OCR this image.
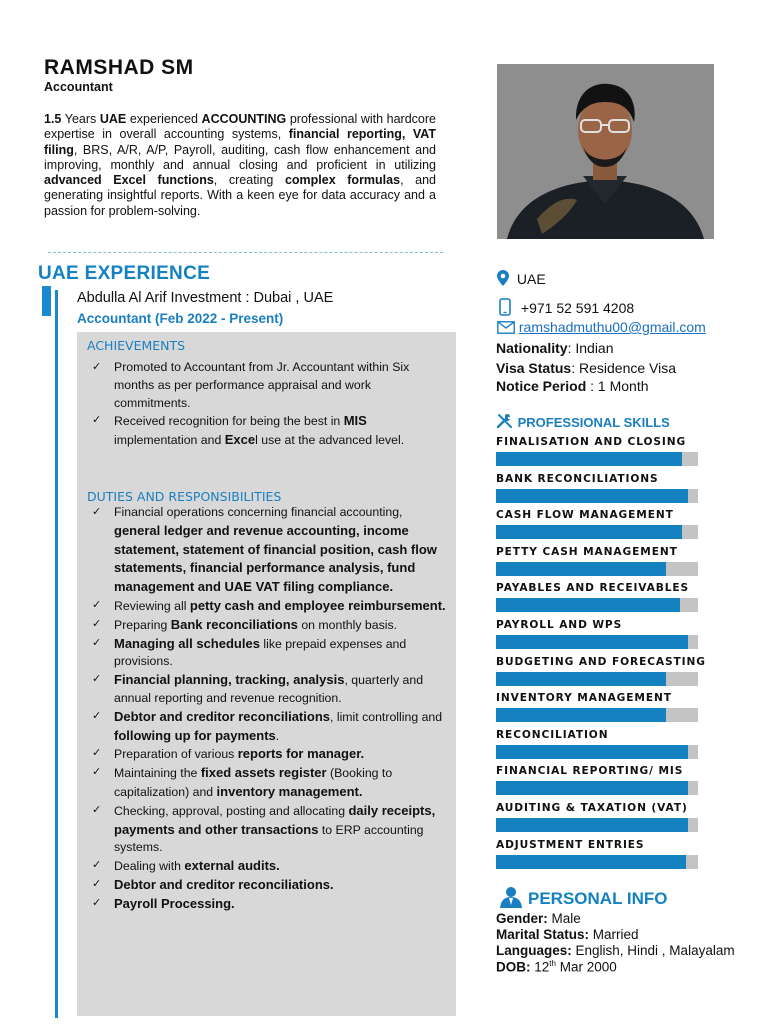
RAMSHAD SM
Accountant
1.5 Years UAE experienced ACCOUNTING professional with hardcore expertise in overall accounting systems, financial reporting, VAT filing, BRS, A/R, A/P, Payroll, auditing, cash flow enhancement and improving, monthly and annual closing and proficient in utilizing advanced Excel functions, creating complex formulas, and generating insightful reports. With a keen eye for data accuracy and a passion for problem-solving.
UAE EXPERIENCE
Abdulla Al Arif Investment : Dubai , UAE
Accountant (Feb 2022 - Present)
ACHIEVEMENTS
✓ Promoted to Accountant from Jr. Accountant within Six months as per performance appraisal and work commitments.
✓ Received recognition for being the best in MIS implementation and Excel use at the advanced level.
DUTIES AND RESPONSIBILITIES
✓ Financial operations concerning financial accounting, general ledger and revenue accounting, income statement, statement of financial position, cash flow statements, financial performance analysis, fund management and UAE VAT filing compliance.
✓ Reviewing all petty cash and employee reimbursement.
✓ Preparing Bank reconciliations on monthly basis.
✓ Managing all schedules like prepaid expenses and provisions.
✓ Financial planning, tracking, analysis, quarterly and annual reporting and revenue recognition.
✓ Debtor and creditor reconciliations, limit controlling and following up for payments.
✓ Preparation of various reports for manager.
✓ Maintaining the fixed assets register (Booking to capitalization) and inventory management.
✓ Checking, approval, posting and allocating daily receipts, payments and other transactions to ERP accounting systems.
✓ Dealing with external audits.
✓ Debtor and creditor reconciliations.
✓ Payroll Processing.
UAE
+971 52 591 4208
ramshadmuthu00@gmail.com
Nationality: Indian
Visa Status: Residence Visa
Notice Period : 1 Month
PROFESSIONAL SKILLS
FINALISATION AND CLOSING
BANK RECONCILIATIONS
CASH FLOW MANAGEMENT
PETTY CASH MANAGEMENT
PAYABLES AND RECEIVABLES
PAYROLL AND WPS
BUDGETING AND FORECASTING
INVENTORY MANAGEMENT
RECONCILIATION
FINANCIAL REPORTING/ MIS
AUDITING & TAXATION (VAT)
ADJUSTMENT ENTRIES
PERSONAL INFO
Gender: Male
Marital Status: Married
Languages: English, Hindi , Malayalam
DOB: 12th Mar 2000
